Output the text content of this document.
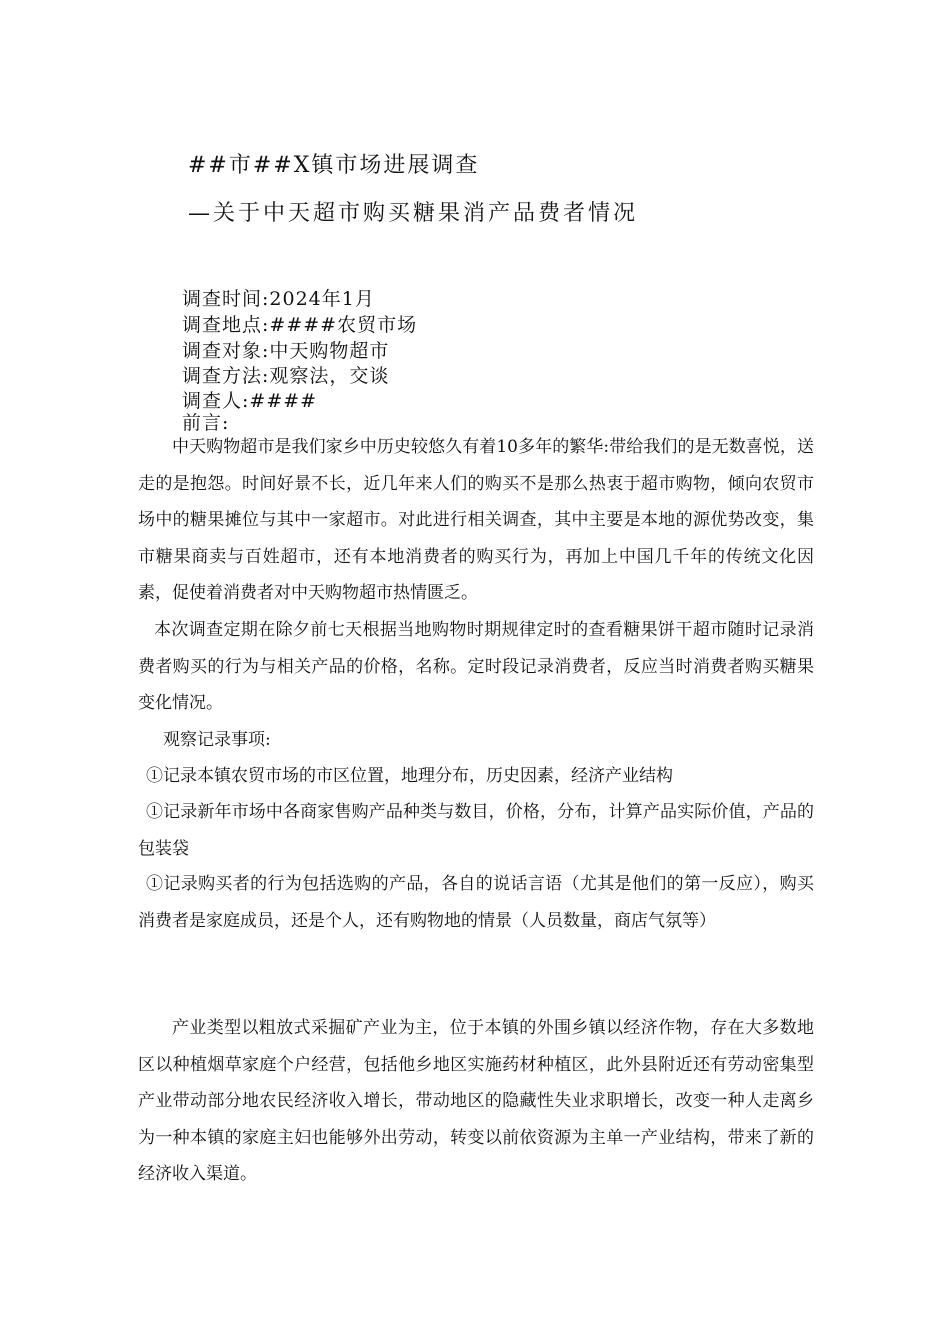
##市##X镇市场进展调查
—关于中天超市购买糖果消产品费者情况
调查时间:2024年1月
调查地点:####农贸市场
调查对象:中天购物超市
调查方法:观察法，交谈
调查人:####
前言:
中天购物超市是我们家乡中历史较悠久有着10多年的繁华:带给我们的是无数喜悦，送走的是抱怨。时间好景不长，近几年来人们的购买不是那么热衷于超市购物，倾向农贸市场中的糖果摊位与其中一家超市。对此进行相关调查，其中主要是本地的源优势改变，集市糖果商卖与百姓超市，还有本地消费者的购买行为，再加上中国几千年的传统文化因素，促使着消费者对中天购物超市热情匮乏。
本次调查定期在除夕前七天根据当地购物时期规律定时的查看糖果饼干超市随时记录消费者购买的行为与相关产品的价格，名称。定时段记录消费者，反应当时消费者购买糖果变化情况。
观察记录事项:
①记录本镇农贸市场的市区位置，地理分布，历史因素，经济产业结构
①记录新年市场中各商家售购产品种类与数目，价格，分布，计算产品实际价值，产品的包装袋
①记录购买者的行为包括选购的产品，各自的说话言语（尤其是他们的第一反应），购买消费者是家庭成员，还是个人，还有购物地的情景（人员数量，商店气氛等）
产业类型以粗放式采掘矿产业为主，位于本镇的外围乡镇以经济作物，存在大多数地区以种植烟草家庭个户经营，包括他乡地区实施药材种植区，此外县附近还有劳动密集型产业带动部分地农民经济收入增长，带动地区的隐藏性失业求职增长，改变一种人走离乡为一种本镇的家庭主妇也能够外出劳动，转变以前依资源为主单一产业结构，带来了新的经济收入渠道。
